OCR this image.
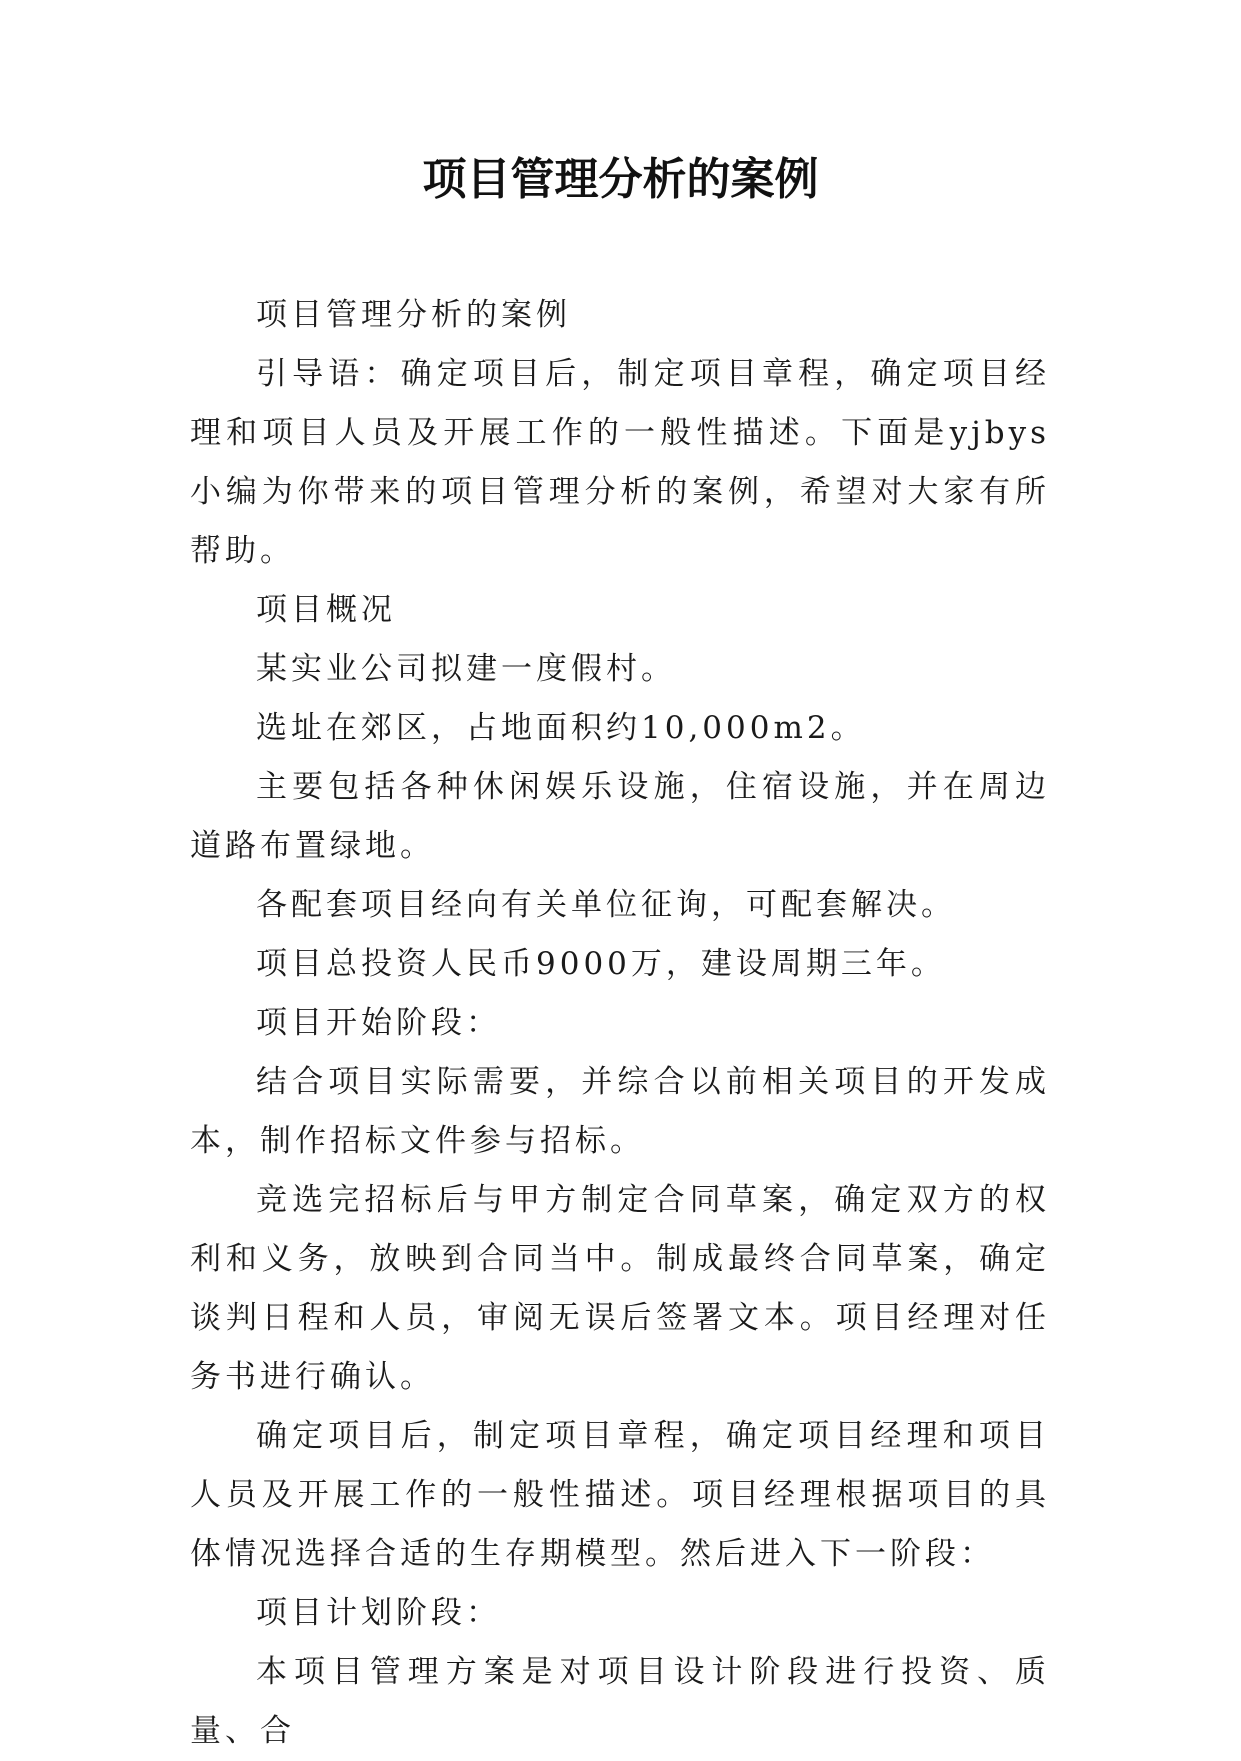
项目管理分析的案例

项目管理分析的案例

引导语：确定项目后，制定项目章程，确定项目经理和项目人员及开展工作的一般性描述。下面是yjbys小编为你带来的项目管理分析的案例，希望对大家有所帮助。

项目概况

某实业公司拟建一度假村。

选址在郊区，占地面积约10,000m2。

主要包括各种休闲娱乐设施，住宿设施，并在周边道路布置绿地。

各配套项目经向有关单位征询，可配套解决。

项目总投资人民币9000万，建设周期三年。

项目开始阶段：

结合项目实际需要，并综合以前相关项目的开发成本，制作招标文件参与招标。

竞选完招标后与甲方制定合同草案，确定双方的权利和义务，放映到合同当中。制成最终合同草案，确定谈判日程和人员，审阅无误后签署文本。项目经理对任务书进行确认。

确定项目后，制定项目章程，确定项目经理和项目人员及开展工作的一般性描述。项目经理根据项目的具体情况选择合适的生存期模型。然后进入下一阶段：

项目计划阶段：

本项目管理方案是对项目设计阶段进行投资、质量、合
